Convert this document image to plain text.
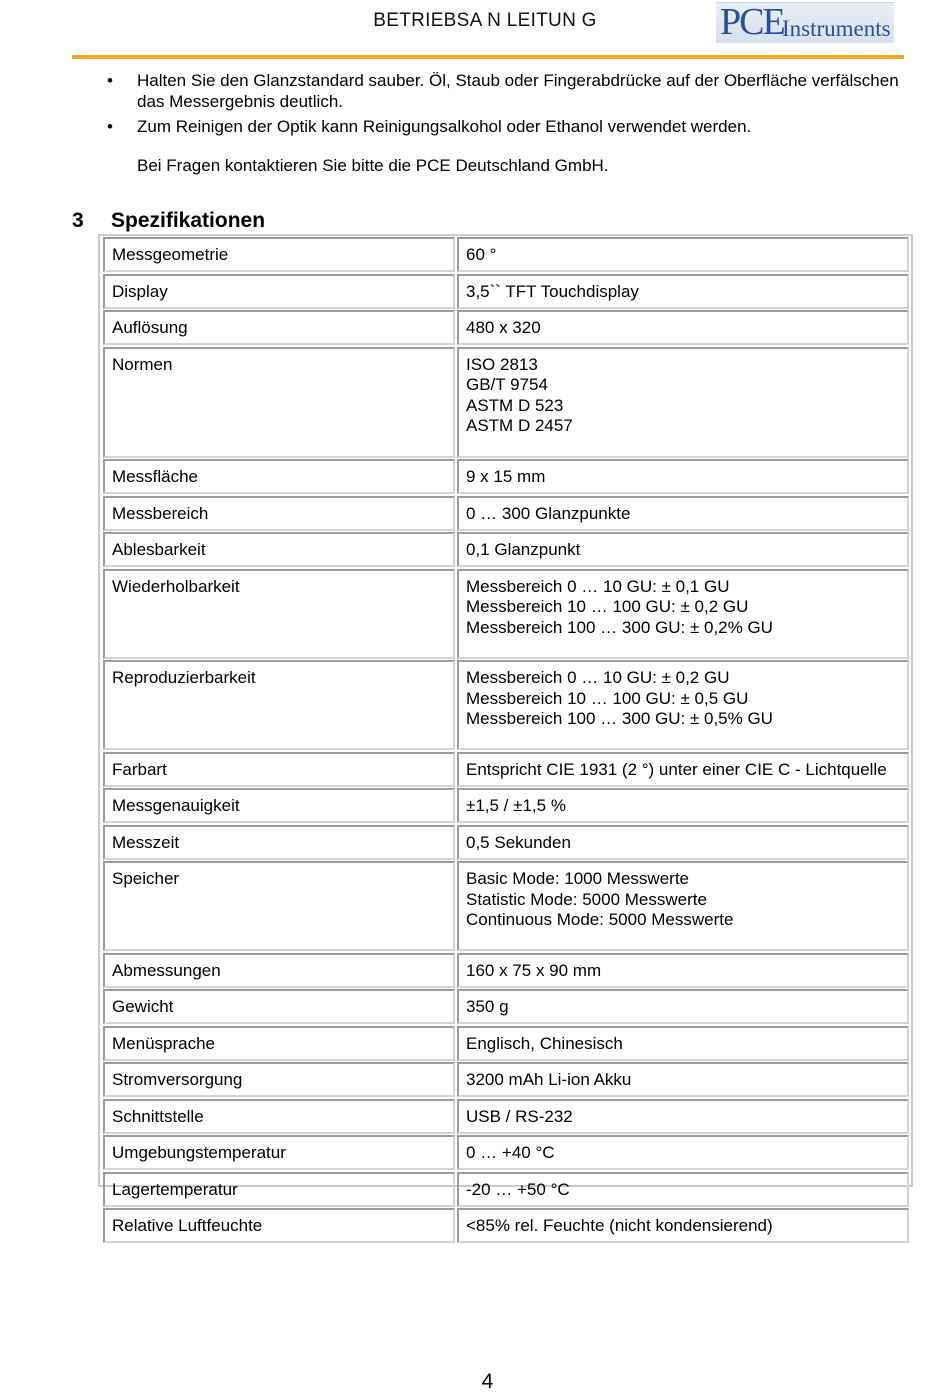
BETRIEBSA N LEITUN G	PCE
Instruments
• Halten Sie den Glanzstandard sauber. Öl, Staub oder Fingerabdrücke auf der Oberfläche verfälschen das Messergebnis deutlich.
• Zum Reinigen der Optik kann Reinigungsalkohol oder Ethanol verwendet werden.
Bei Fragen kontaktieren Sie bitte die PCE Deutschland GmbH.
3 Spezifikationen
Messgeometrie	60 °
Display	3,5`` TFT Touchdisplay
Auflösung	480 x 320
Normen	ISO 2813
GB/T 9754
ASTM D 523
ASTM D 2457
Messfläche	9 x 15 mm
Messbereich	0 … 300 Glanzpunkte
Ablesbarkeit	0,1 Glanzpunkt
Wiederholbarkeit	Messbereich 0 … 10 GU: ± 0,1 GU
Messbereich 10 … 100 GU: ± 0,2 GU
Messbereich 100 … 300 GU: ± 0,2% GU
Reproduzierbarkeit	Messbereich 0 … 10 GU: ± 0,2 GU
Messbereich 10 … 100 GU: ± 0,5 GU
Messbereich 100 … 300 GU: ± 0,5% GU
Farbart	Entspricht CIE 1931 (2 °) unter einer CIE C - Lichtquelle
Messgenauigkeit	±1,5 / ±1,5 %
Messzeit	0,5 Sekunden
Speicher	Basic Mode: 1000 Messwerte
Statistic Mode: 5000 Messwerte
Continuous Mode: 5000 Messwerte
Abmessungen	160 x 75 x 90 mm
Gewicht	350 g
Menüsprache	Englisch, Chinesisch
Stromversorgung	3200 mAh Li-ion Akku
Schnittstelle	USB / RS-232
Umgebungstemperatur	0 … +40 °C
Lagertemperatur	-20 … +50 °C
Relative Luftfeuchte	<85% rel. Feuchte (nicht kondensierend)
4
